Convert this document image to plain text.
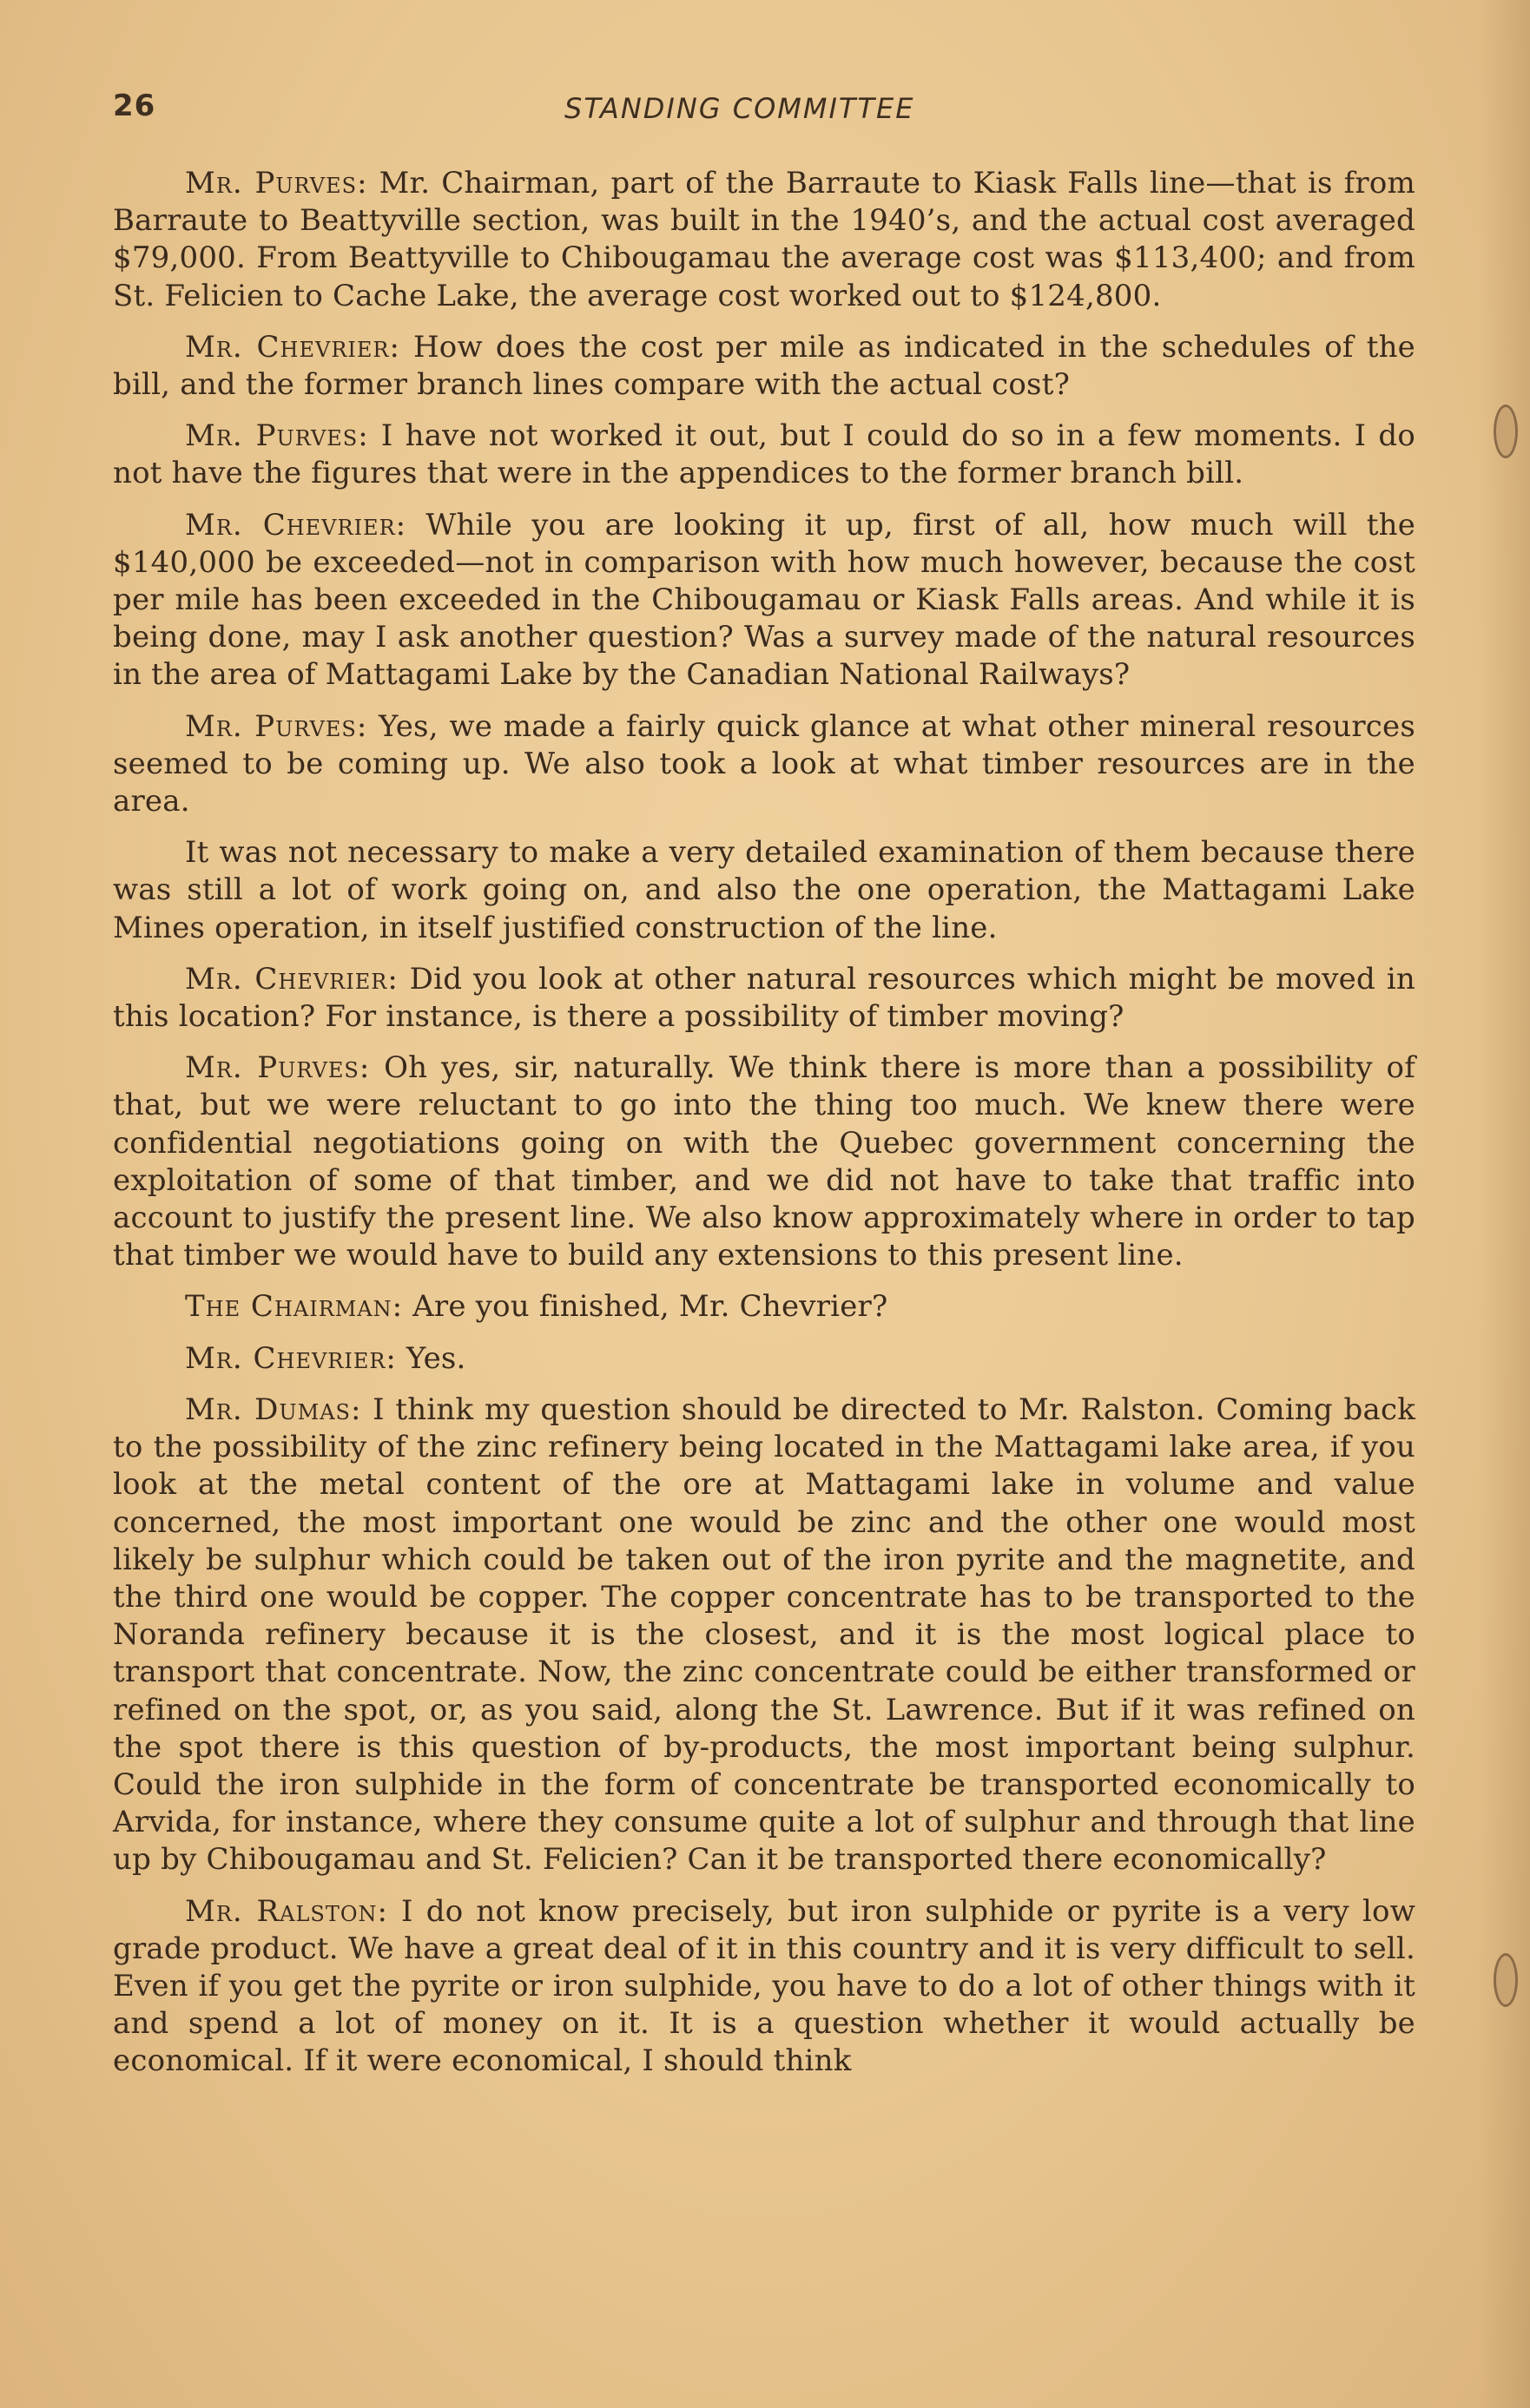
26	STANDING COMMITTEE

Mr. Purves: Mr. Chairman, part of the Barraute to Kiask Falls line—that is from Barraute to Beattyville section, was built in the 1940’s, and the actual cost averaged $79,000. From Beattyville to Chibougamau the average cost was $113,400; and from St. Felicien to Cache Lake, the average cost worked out to $124,800.

Mr. Chevrier: How does the cost per mile as indicated in the schedules of the bill, and the former branch lines compare with the actual cost?

Mr. Purves: I have not worked it out, but I could do so in a few moments. I do not have the figures that were in the appendices to the former branch bill.

Mr. Chevrier: While you are looking it up, first of all, how much will the $140,000 be exceeded—not in comparison with how much however, because the cost per mile has been exceeded in the Chibougamau or Kiask Falls areas. And while it is being done, may I ask another question? Was a survey made of the natural resources in the area of Mattagami Lake by the Canadian National Railways?

Mr. Purves: Yes, we made a fairly quick glance at what other mineral resources seemed to be coming up. We also took a look at what timber resources are in the area.

It was not necessary to make a very detailed examination of them because there was still a lot of work going on, and also the one operation, the Mattagami Lake Mines operation, in itself justified construction of the line.

Mr. Chevrier: Did you look at other natural resources which might be moved in this location? For instance, is there a possibility of timber moving?

Mr. Purves: Oh yes, sir, naturally. We think there is more than a possibility of that, but we were reluctant to go into the thing too much. We knew there were confidential negotiations going on with the Quebec government concerning the exploitation of some of that timber, and we did not have to take that traffic into account to justify the present line. We also know approximately where in order to tap that timber we would have to build any extensions to this present line.

The Chairman: Are you finished, Mr. Chevrier?

Mr. Chevrier: Yes.

Mr. Dumas: I think my question should be directed to Mr. Ralston. Coming back to the possibility of the zinc refinery being located in the Mattagami lake area, if you look at the metal content of the ore at Mattagami lake in volume and value concerned, the most important one would be zinc and the other one would most likely be sulphur which could be taken out of the iron pyrite and the magnetite, and the third one would be copper. The copper concentrate has to be transported to the Noranda refinery because it is the closest, and it is the most logical place to transport that concentrate. Now, the zinc concentrate could be either transformed or refined on the spot, or, as you said, along the St. Lawrence. But if it was refined on the spot there is this question of by-products, the most important being sulphur. Could the iron sulphide in the form of concentrate be transported economically to Arvida, for instance, where they consume quite a lot of sulphur and through that line up by Chibougamau and St. Felicien? Can it be transported there economically?

Mr. Ralston: I do not know precisely, but iron sulphide or pyrite is a very low grade product. We have a great deal of it in this country and it is very difficult to sell. Even if you get the pyrite or iron sulphide, you have to do a lot of other things with it and spend a lot of money on it. It is a question whether it would actually be economical. If it were economical, I should think
